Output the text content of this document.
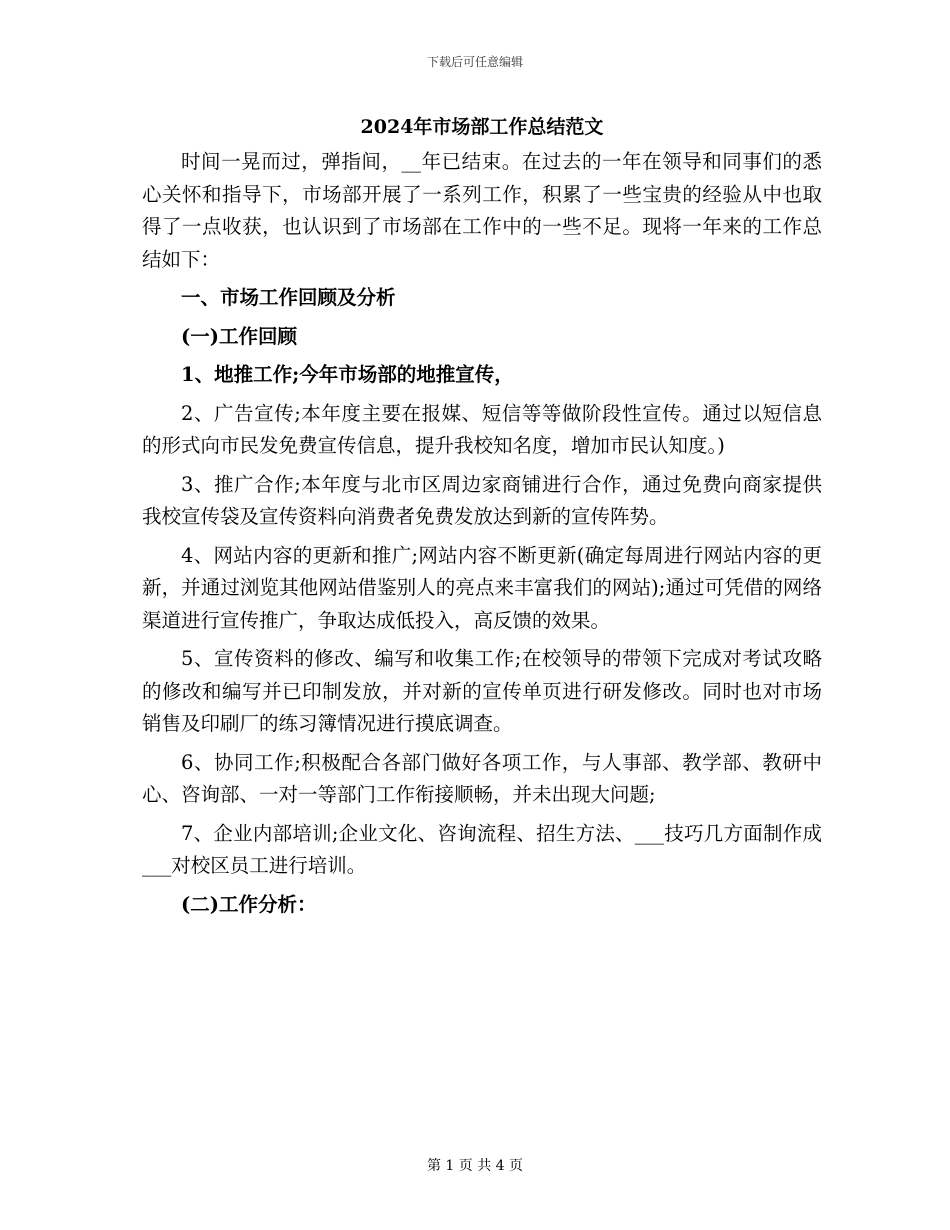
下载后可任意编辑
2024年市场部工作总结范文

时间一晃而过，弹指间，__年已结束。在过去的一年在领导和同事们的悉心关怀和指导下，市场部开展了一系列工作，积累了一些宝贵的经验从中也取得了一点收获，也认识到了市场部在工作中的一些不足。现将一年来的工作总结如下：

一、市场工作回顾及分析

(一)工作回顾

1、地推工作;今年市场部的地推宣传，

2、广告宣传;本年度主要在报媒、短信等等做阶段性宣传。通过以短信息的形式向市民发免费宣传信息，提升我校知名度，增加市民认知度。)

3、推广合作;本年度与北市区周边家商铺进行合作，通过免费向商家提供我校宣传袋及宣传资料向消费者免费发放达到新的宣传阵势。

4、网站内容的更新和推广;网站内容不断更新(确定每周进行网站内容的更新，并通过浏览其他网站借鉴别人的亮点来丰富我们的网站);通过可凭借的网络渠道进行宣传推广，争取达成低投入，高反馈的效果。

5、宣传资料的修改、编写和收集工作;在校领导的带领下完成对考试攻略的修改和编写并已印制发放，并对新的宣传单页进行研发修改。同时也对市场销售及印刷厂的练习簿情况进行摸底调查。

6、协同工作;积极配合各部门做好各项工作，与人事部、教学部、教研中心、咨询部、一对一等部门工作衔接顺畅，并未出现大问题;

7、企业内部培训;企业文化、咨询流程、招生方法、___技巧几方面制作成___对校区员工进行培训。

(二)工作分析：

第 1 页 共 4 页
